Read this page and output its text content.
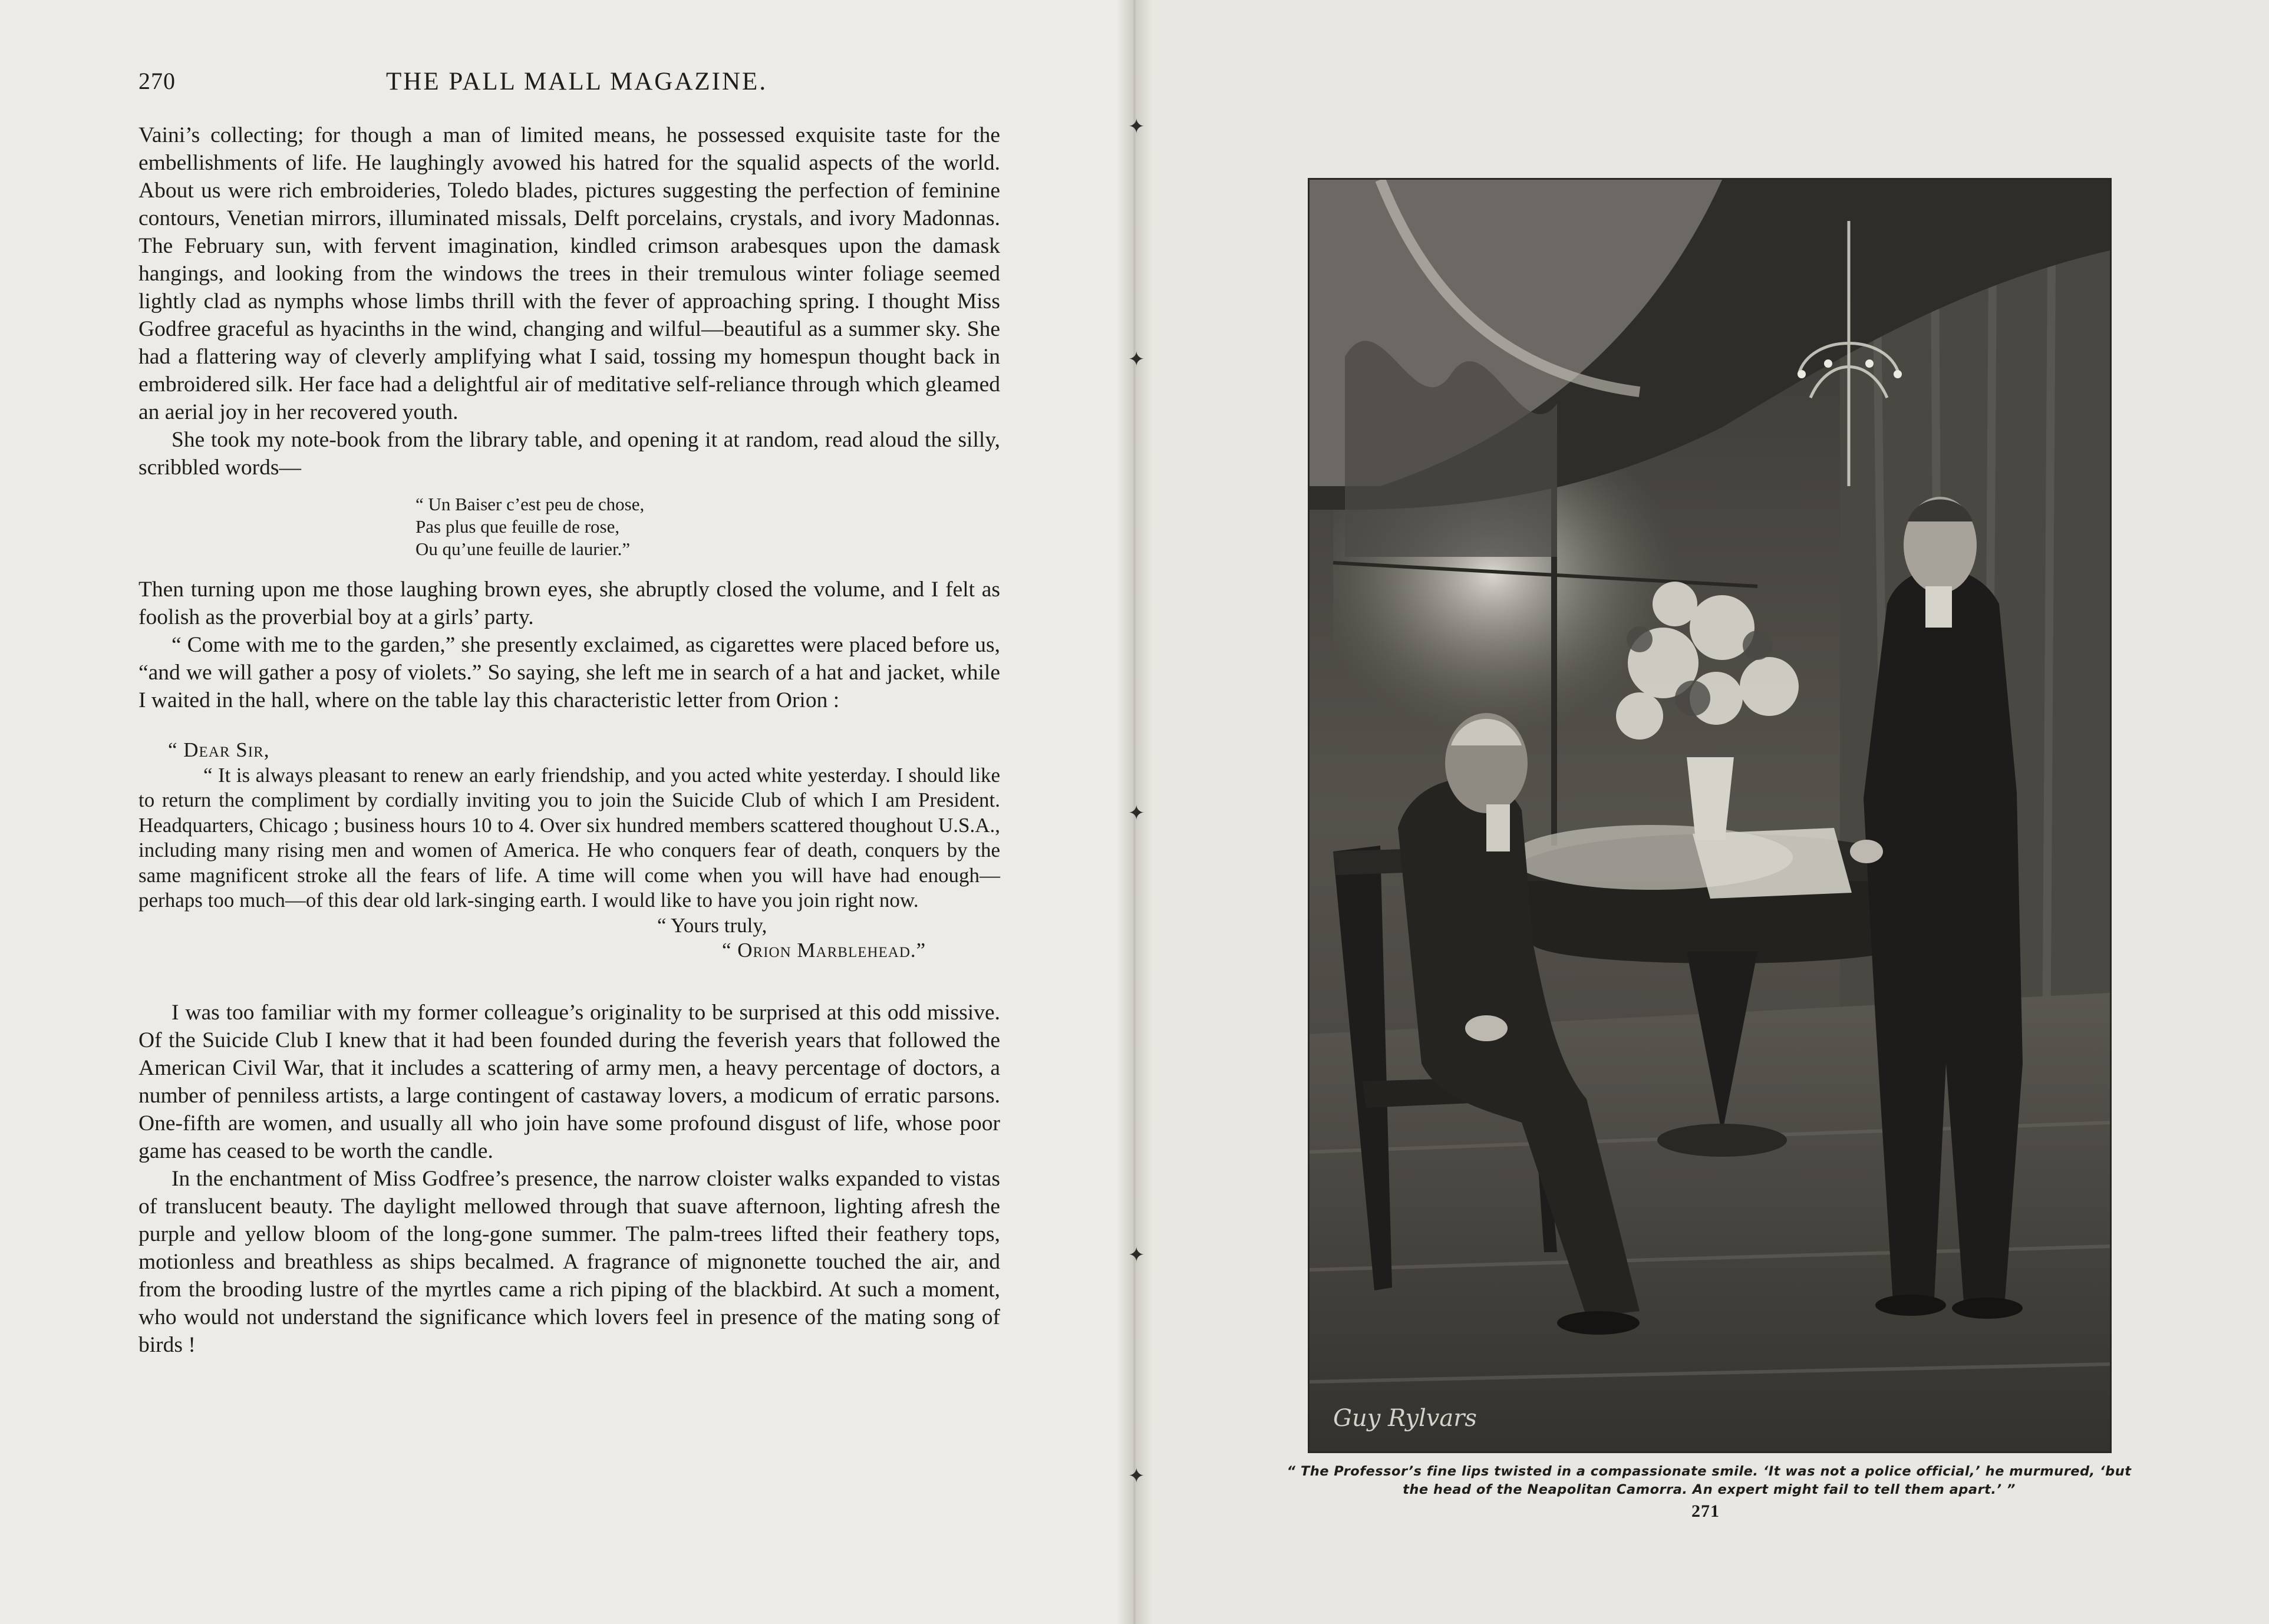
270	THE PALL MALL MAGAZINE.

Vaini’s collecting; for though a man of limited means, he possessed exquisite taste for the embellishments of life. He laughingly avowed his hatred for the squalid aspects of the world. About us were rich embroideries, Toledo blades, pictures suggesting the perfection of feminine contours, Venetian mirrors, illuminated missals, Delft porcelains, crystals, and ivory Madonnas. The February sun, with fervent imagination, kindled crimson arabesques upon the damask hangings, and looking from the windows the trees in their tremulous winter foliage seemed lightly clad as nymphs whose limbs thrill with the fever of approaching spring. I thought Miss Godfree graceful as hyacinths in the wind, changing and wilful—beautiful as a summer sky. She had a flattering way of cleverly amplifying what I said, tossing my homespun thought back in embroidered silk. Her face had a delightful air of meditative self-reliance through which gleamed an aerial joy in her recovered youth.

She took my note-book from the library table, and opening it at random, read aloud the silly, scribbled words—

“ Un Baiser c’est peu de chose,
Pas plus que feuille de rose,
Ou qu’une feuille de laurier.”

Then turning upon me those laughing brown eyes, she abruptly closed the volume, and I felt as foolish as the proverbial boy at a girls’ party.

“ Come with me to the garden,” she presently exclaimed, as cigarettes were placed before us, “and we will gather a posy of violets.” So saying, she left me in search of a hat and jacket, while I waited in the hall, where on the table lay this characteristic letter from Orion :

“ Dear Sir,

“ It is always pleasant to renew an early friendship, and you acted white yesterday. I should like to return the compliment by cordially inviting you to join the Suicide Club of which I am President. Headquarters, Chicago ; business hours 10 to 4. Over six hundred members scattered thoughout U.S.A., including many rising men and women of America. He who conquers fear of death, conquers by the same magnificent stroke all the fears of life. A time will come when you will have had enough—perhaps too much—of this dear old lark-singing earth. I would like to have you join right now.

“ Yours truly,
“ Orion Marblehead.”

I was too familiar with my former colleague’s originality to be surprised at this odd missive. Of the Suicide Club I knew that it had been founded during the feverish years that followed the American Civil War, that it includes a scattering of army men, a heavy percentage of doctors, a number of penniless artists, a large contingent of castaway lovers, a modicum of erratic parsons. One-fifth are women, and usually all who join have some profound disgust of life, whose poor game has ceased to be worth the candle.

In the enchantment of Miss Godfree’s presence, the narrow cloister walks expanded to vistas of translucent beauty. The daylight mellowed through that suave afternoon, lighting afresh the purple and yellow bloom of the long-gone summer. The palm-trees lifted their feathery tops, motionless and breathless as ships becalmed. A fragrance of mignonette touched the air, and from the brooding lustre of the myrtles came a rich piping of the blackbird. At such a moment, who would not understand the significance which lovers feel in presence of the mating song of birds !

✦
✦
✦
✦
✦
Guy Rylvars
“ The Professor’s fine lips twisted in a compassionate smile. ‘It was not a police official,’ he murmured, ‘but
the head of the Neapolitan Camorra. An expert might fail to tell them apart.’ ”
271
